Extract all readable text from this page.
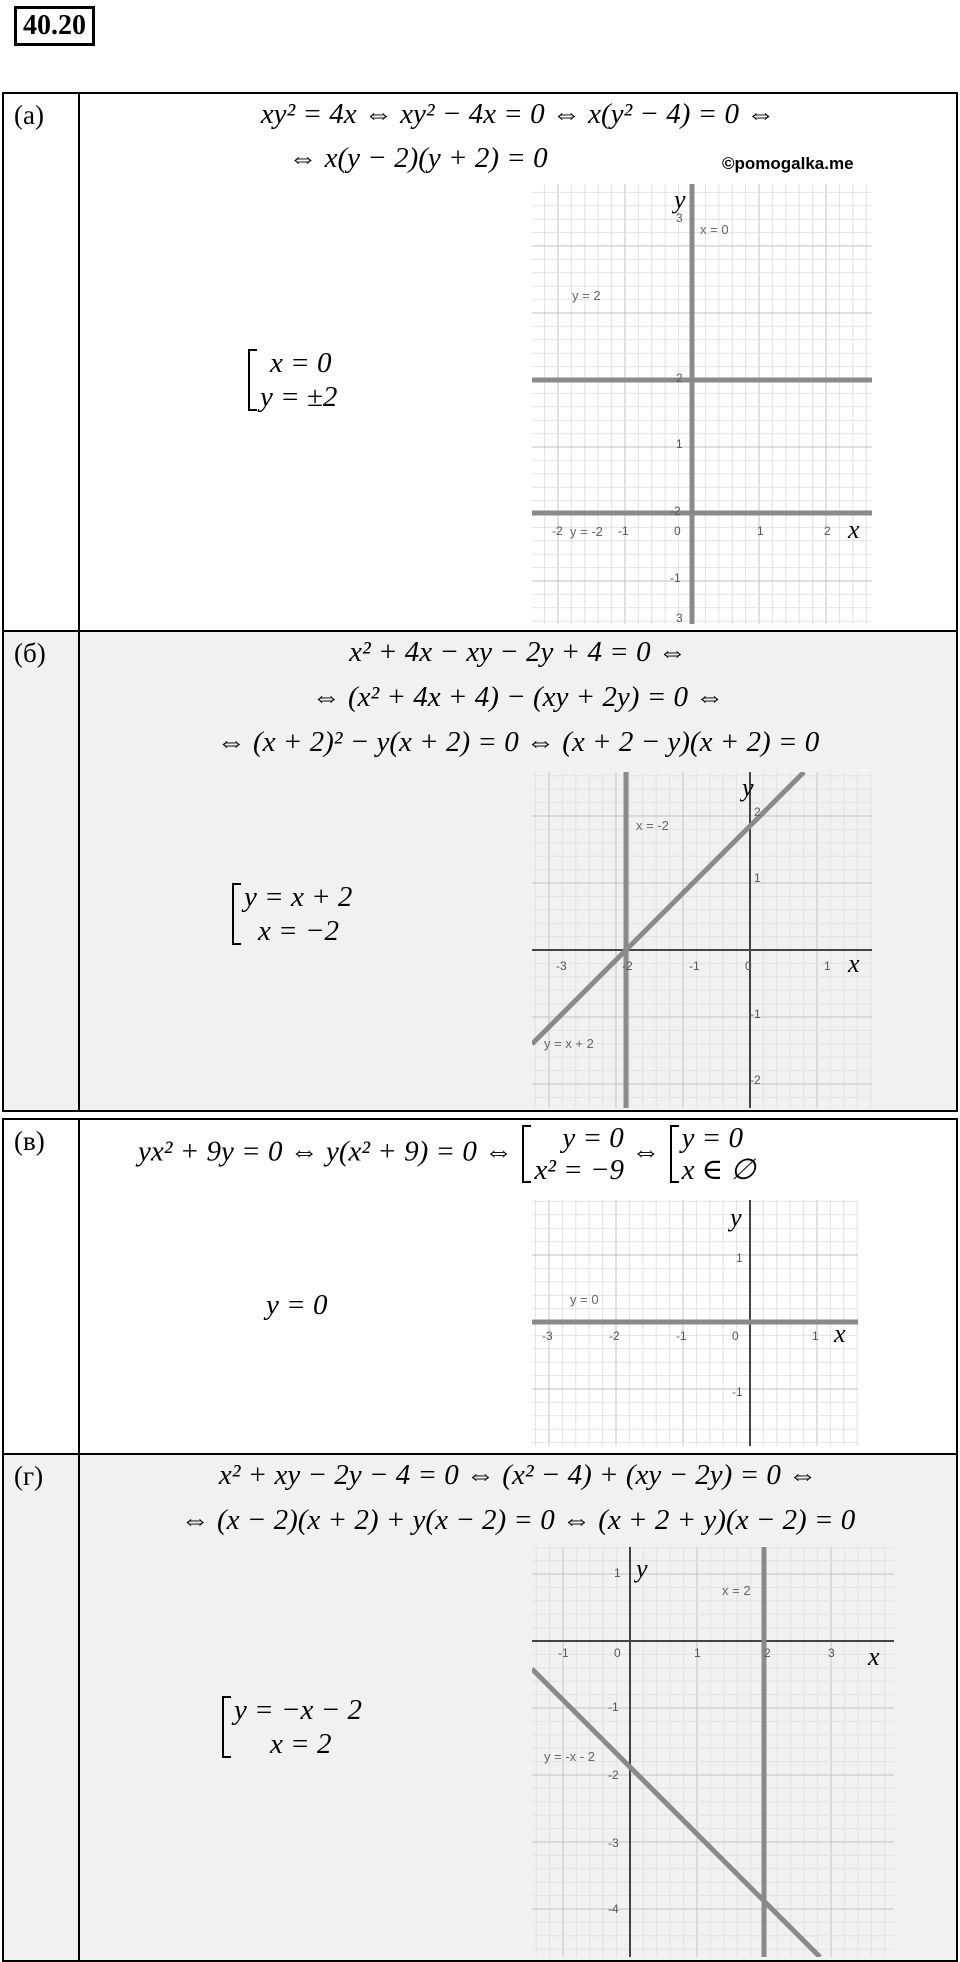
40.20
(а)	xy² = 4x ⇔ xy² − 4x = 0 ⇔ x(y² − 4) = 0 ⇔
⇔ x(y − 2)(y + 2) = 0	©pomogalka.me
x = 0
y = ±2
-2	-1	0	1	2
3
2
1
-1
-2
3
x = 0
y = 2
y = -2	x
y
(б)	x² + 4x − xy − 2y + 4 = 0 ⇔
⇔ (x² + 4x + 4) − (xy + 2y) = 0 ⇔
⇔ (x + 2)² − y(x + 2) = 0 ⇔ (x + 2 − y)(x + 2) = 0
y = x + 2
x = −2
-3	-2	-1	0	1
2
1
-1
-2
x = -2
y = x + 2
x
y
(в)	yx² + 9y = 0 ⇔ y(x² + 9) = 0 ⇔	y = 0
x² = −9
⇔ y = 0
x ∈ ∅
y = 0
-3	-2	-1	0	1
1
-1
y = 0
x
y
(г)	x² + xy − 2y − 4 = 0 ⇔ (x² − 4) + (xy − 2y) = 0 ⇔
⇔ (x − 2)(x + 2) + y(x − 2) = 0 ⇔ (x + 2 + y)(x − 2) = 0
y = −x − 2
x = 2
-1	0	1	2	3
1
-1
-2
-3
-4
x = 2
y = -x - 2
x
y
